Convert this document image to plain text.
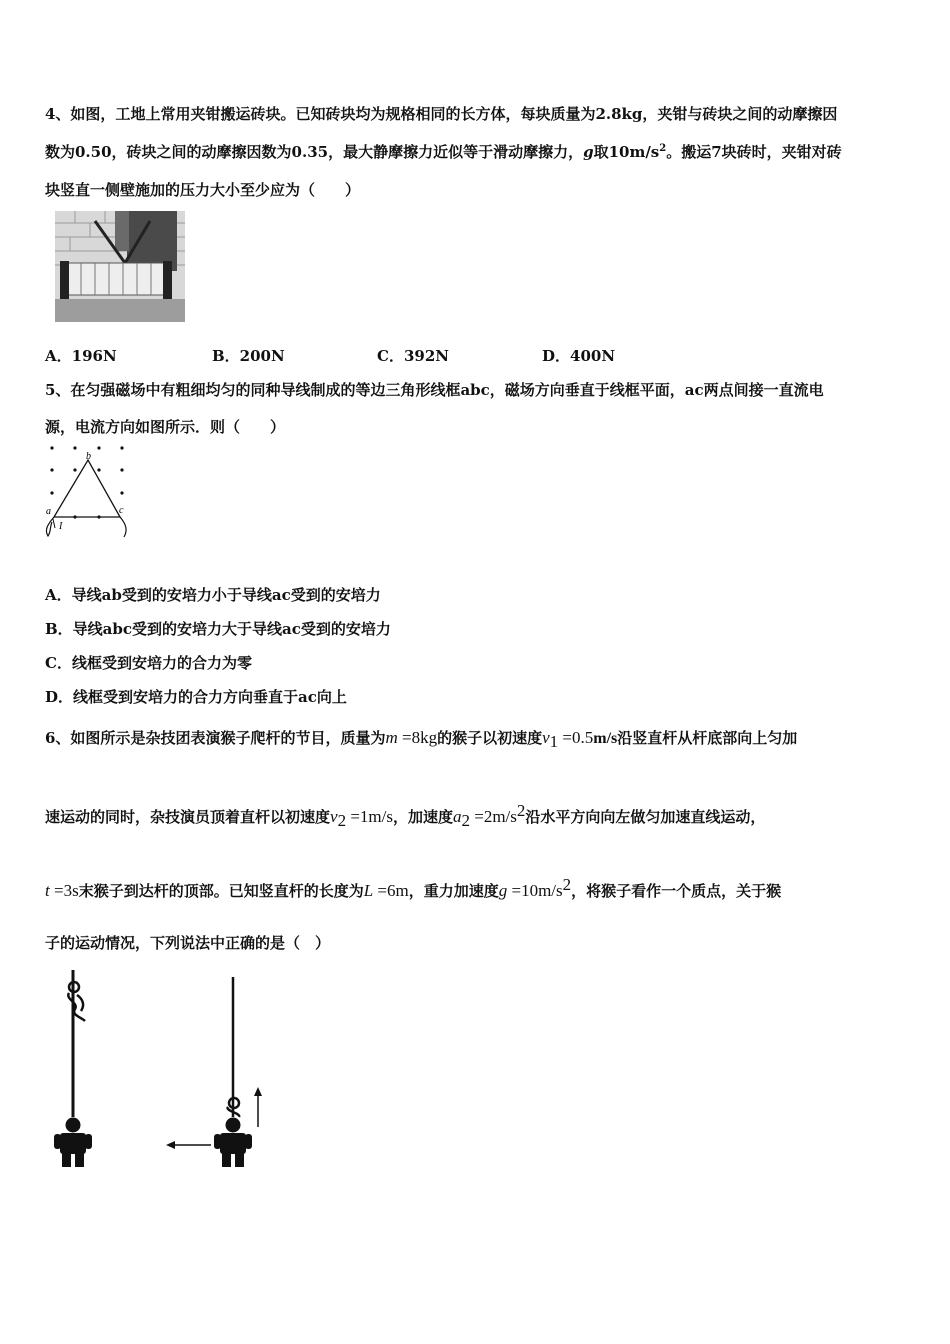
4、如图，工地上常用夹钳搬运砖块。已知砖块均为规格相同的长方体，每块质量为2.8kg，夹钳与砖块之间的动摩擦因
数为0.50，砖块之间的动摩擦因数为0.35，最大静摩擦力近似等于滑动摩擦力，g取$10m/s^2$。搬运7块砖时，夹钳对砖
块竖直一侧壁施加的压力大小至少应为（　　）
A．196N	B．200N	C．392N	D．400N
5、在匀强磁场中有粗细均匀的同种导线制成的等边三角形线框abc，磁场方向垂直于线框平面，ac两点间接一直流电
源，电流方向如图所示．则（　　）
b
a	c
I
A．导线ab受到的安培力小于导线ac受到的安培力
B．导线abc受到的安培力大于导线ac受到的安培力
C．线框受到安培力的合力为零
D．线框受到安培力的合力方向垂直于ac向上
6、如图所示是杂技团表演猴子爬杆的节目，质量为m =8kg的猴子以初速度$v_1 =0.5m/s$沿竖直杆从杆底部向上匀加
速运动的同时，杂技演员顶着直杆以初速度$v_2 =1m/s$，加速度$a_2 =2m/s^2$沿水平方向向左做匀加速直线运动，
t =3s末猴子到达杆的顶部。已知竖直杆的长度为L =6m，重力加速度$g =10m/s^2$，将猴子看作一个质点，关于猴
子的运动情况，下列说法中正确的是（　）
